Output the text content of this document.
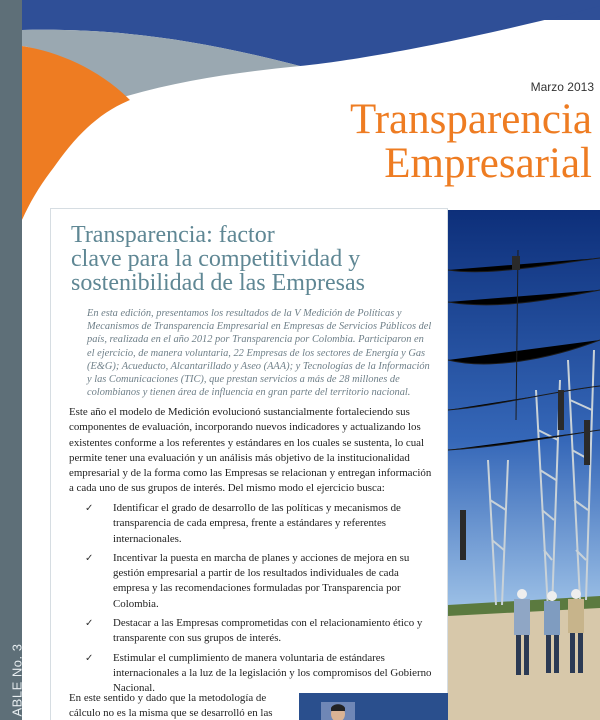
ABLE No. 3
Marzo 2013
Transparencia
Empresarial
Transparencia: factor
clave para la competitividad y
sostenibilidad de las Empresas
En esta edición, presentamos los resultados de la V Medición de Políticas y Mecanismos de Transparencia Empresarial en Empresas de Servicios Públicos del país, realizada en el año 2012 por Transparencia por Colombia. Participaron en el ejercicio, de manera voluntaria, 22 Empresas de los sectores de Energía y Gas (E&G); Acueducto, Alcantarillado y Aseo (AAA); y Tecnologías de la Información y las Comunicaciones (TIC), que prestan servicios a más de 28 millones de colombianos y tienen área de influencia en gran parte del territorio nacional.
Este año el modelo de Medición evolucionó sustancialmente fortaleciendo sus componentes de evaluación, incorporando nuevos indicadores y actualizando los existentes conforme a los referentes y estándares en los cuales se sustenta, lo cual permite tener una evaluación y un análisis más objetivo de la institucionalidad empresarial y de la forma como las Empresas se relacionan y entregan información a cada uno de sus grupos de interés. Del mismo modo el ejercicio busca:
✓ Identificar el grado de desarrollo de las políticas y mecanismos de transparencia de cada empresa, frente a estándares y referentes internacionales.
✓ Incentivar la puesta en marcha de planes y acciones de mejora en su gestión empresarial a partir de los resultados individuales de cada empresa y las recomendaciones formuladas por Transparencia por Colombia.
✓ Destacar a las Empresas comprometidas con el relacionamiento ético y transparente con sus grupos de interés.
✓ Estimular el cumplimiento de manera voluntaria de estándares internacionales a la luz de la legislación y los compromisos del Gobierno Nacional.
En este sentido y dado que la metodología de cálculo no es la misma que se desarrolló en las
